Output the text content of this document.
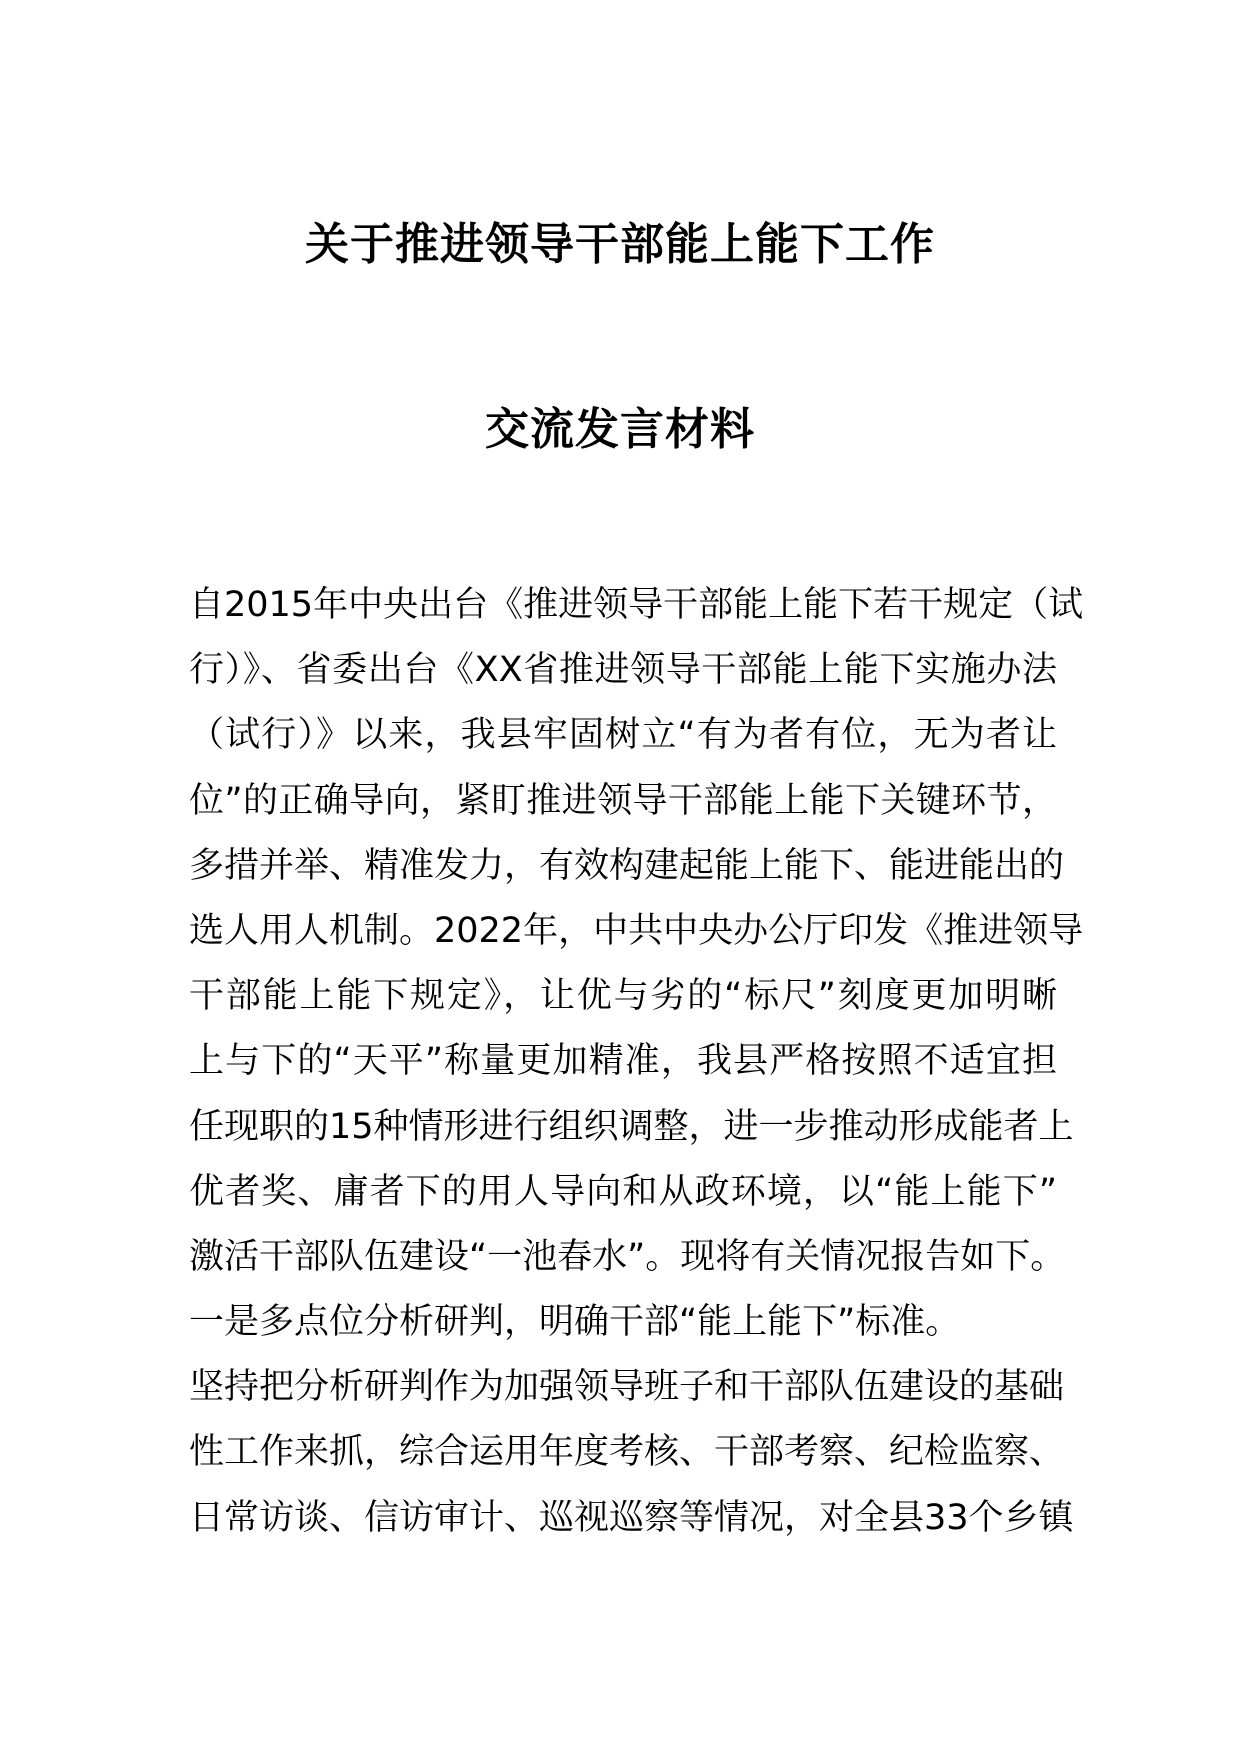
关于推进领导干部能上能下工作
交流发言材料
自2015年中央出台《推进领导干部能上能下若干规定（试
行）》、省委出台《XX省推进领导干部能上能下实施办法
（试行）》以来，我县牢固树立“有为者有位，无为者让
位”的正确导向，紧盯推进领导干部能上能下关键环节，
多措并举、精准发力，有效构建起能上能下、能进能出的
选人用人机制。2022年，中共中央办公厅印发《推进领导
干部能上能下规定》，让优与劣的“标尺”刻度更加明晰
上与下的“天平”称量更加精准，我县严格按照不适宜担
任现职的15种情形进行组织调整，进一步推动形成能者上
优者奖、庸者下的用人导向和从政环境，以“能上能下”
激活干部队伍建设“一池春水”。现将有关情况报告如下。
一是多点位分析研判，明确干部“能上能下”标准。
坚持把分析研判作为加强领导班子和干部队伍建设的基础
性工作来抓，综合运用年度考核、干部考察、纪检监察、
日常访谈、信访审计、巡视巡察等情况，对全县33个乡镇
